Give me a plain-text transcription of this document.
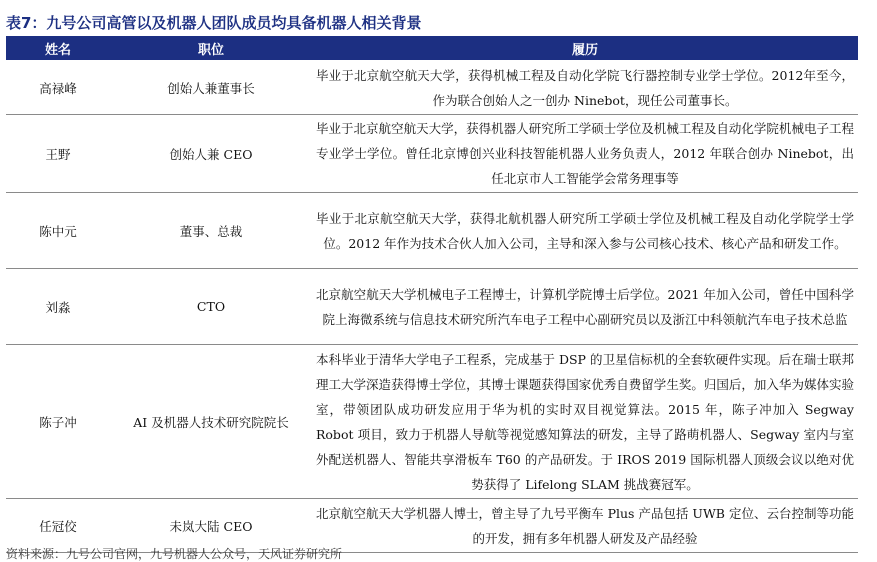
表7：九号公司高管以及机器人团队成员均具备机器人相关背景
姓名	职位	履历
高禄峰	创始人兼董事长	毕业于北京航空航天大学，获得机械工程及自动化学院飞行器控制专业学士学位。2012年至今，作为联合创始人之一创办 Ninebot，现任公司董事长。
王野	创始人兼 CEO	毕业于北京航空航天大学，获得机器人研究所工学硕士学位及机械工程及自动化学院机械电子工程专业学士学位。曾任北京博创兴业科技智能机器人业务负责人，2012 年联合创办 Ninebot，出任北京市人工智能学会常务理事等
陈中元	董事、总裁	毕业于北京航空航天大学，获得北航机器人研究所工学硕士学位及机械工程及自动化学院学士学位。2012 年作为技术合伙人加入公司，主导和深入参与公司核心技术、核心产品和研发工作。
刘淼	CTO	北京航空航天大学机械电子工程博士，计算机学院博士后学位。2021 年加入公司，曾任中国科学院上海微系统与信息技术研究所汽车电子工程中心副研究员以及浙江中科领航汽车电子技术总监
陈子冲	AI 及机器人技术研究院院长	本科毕业于清华大学电子工程系，完成基于 DSP 的卫星信标机的全套软硬件实现。后在瑞士联邦理工大学深造获得博士学位，其博士课题获得国家优秀自费留学生奖。归国后，加入华为媒体实验室，带领团队成功研发应用于华为机的实时双目视觉算法。2015 年，陈子冲加入 Segway Robot 项目，致力于机器人导航等视觉感知算法的研发，主导了路萌机器人、Segway 室内与室外配送机器人、智能共享滑板车 T60 的产品研发。于 IROS 2019 国际机器人顶级会议以绝对优势获得了 Lifelong SLAM 挑战赛冠军。
任冠佼	未岚大陆 CEO	北京航空航天大学机器人博士，曾主导了九号平衡车 Plus 产品包括 UWB 定位、云台控制等功能的开发，拥有多年机器人研发及产品经验
资料来源：九号公司官网，九号机器人公众号，天风证券研究所
